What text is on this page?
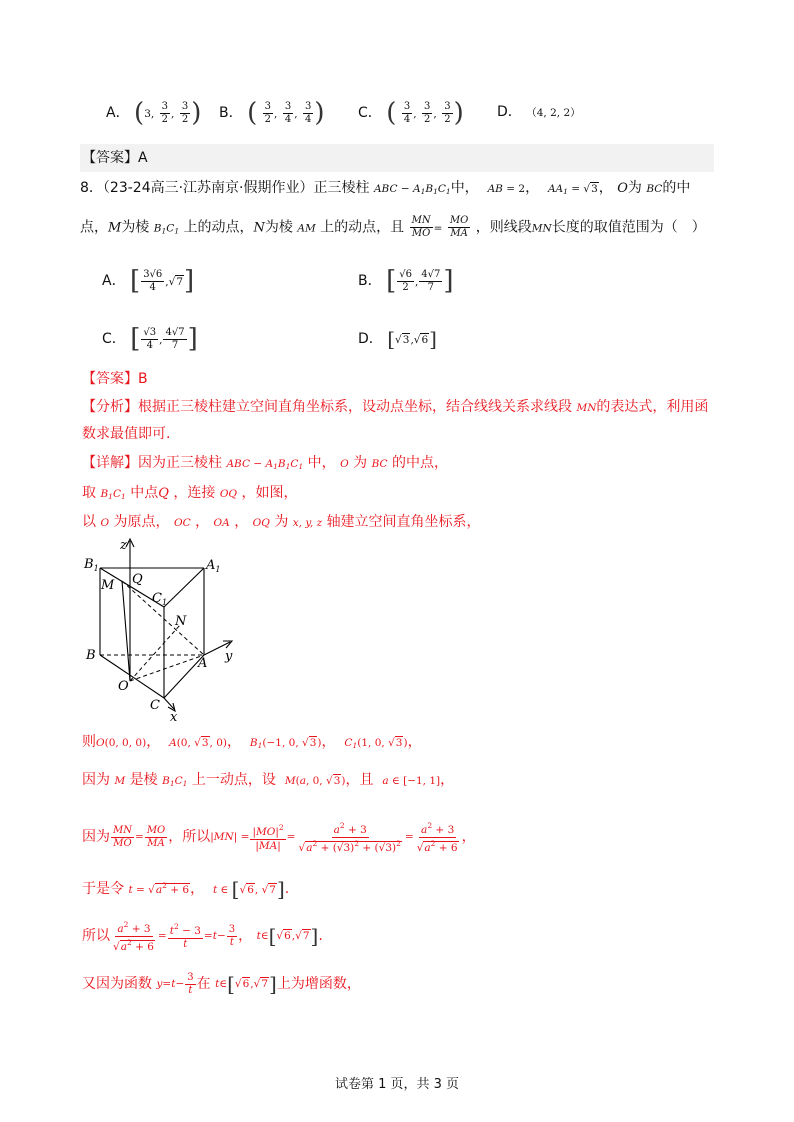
A． (3, $\frac{3}{2}$ , $\frac{3}{2}$ ) B． ( $\frac{3}{2}$ , $\frac{3}{4}$ , $\frac{3}{4}$ ) C． ( $\frac{3}{4}$ , $\frac{3}{2}$ , $\frac{3}{2}$ ) D． （4, 2, 2）
【答案】A
8．（23-24高三·江苏南京·假期作业）正三棱柱 ABC − $A_1B_1C_1$中， AB = 2， $AA_1 = √3$， O为 BC的中
点，M为棱 $B_1C_1$ 上的动点，N为棱 AM 上的动点，且 $\frac{MN}{MO} = \frac{MO}{MA}$ ，则线段MN长度的取值范围为（　）
A． [ $\frac{3√6}{4} ,√7$]	B． [ $\frac{√6}{2}$ , $\frac{4√7}{7}$ ]
C． [ $\frac{√3}{4}$ , $\frac{4√7}{7}$ ]	D． [√3,√6]
【答案】B
【分析】根据正三棱柱建立空间直角坐标系，设动点坐标，结合线线关系求线段 MN的表达式，利用函
数求最值即可.
【详解】因为正三棱柱 ABC − $A_1B_1C_1$ 中， O 为 BC 的中点，
取 $B_1C_1$ 中点Q ，连接 OQ ，如图，
以 O 为原点， OC ， OA ， OQ 为 x, y, z 轴建立空间直角坐标系，
z
$B_1$	$A_1$
Q
M
$C_1$
N
B
A y
O
C
x
则O(0, 0, 0)， A(0, √3, 0)， $B_1(-1$, 0, √3)， $C_1(1$, 0, √3)，
因为 M 是棱 $B_1C_1$ 上一动点，设 M(a, 0, √3)，且 a ∈ [−1, 1]，
因为 $\frac{MN}{MO} = \frac{MO}{MA}$ ，所以 | MN | = $\frac{|MO|^2}{|MA|} = \frac{a^2 + 3}{√a^2 + (√3)^2 + (√3)^2} = \frac{a^2 + 3}{√a^2 + 6}$ ，
于是令 $t = √a^2 + 6$， t ∈ [√6, √7].
所以 $\frac{a^2 + 3}{√a^2 + 6} = \frac{t^2 - 3}{t} = t - \frac{3}{t}$ ，
t ∈ [ √6 , √7 ] .
又因为函数
$y = t - \frac{3}{t}$ 在
t ∈ [ √6 , √7 ] 上为增函数，
试卷第 1 页，共 3 页
